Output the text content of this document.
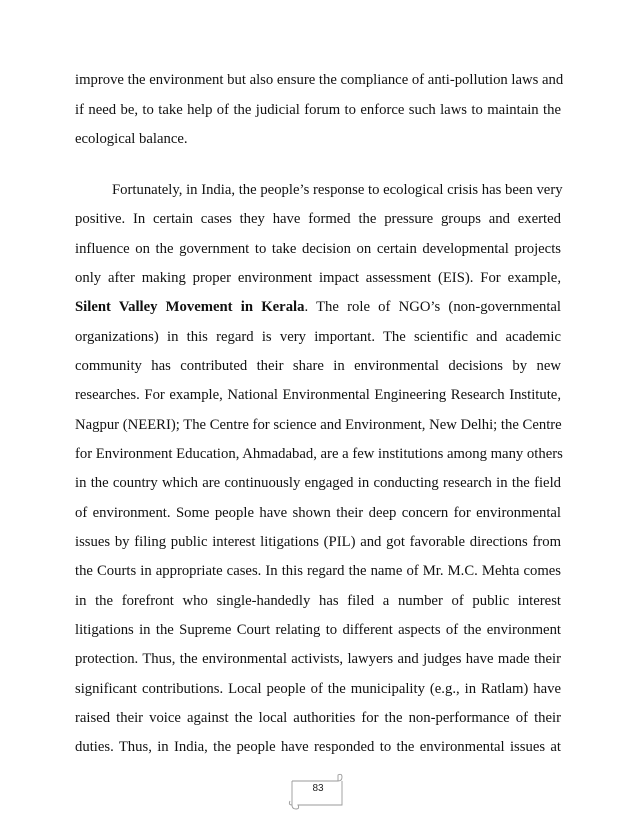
improve the environment but also ensure the compliance of anti-pollution laws and
if need be, to take help of the judicial forum to enforce such laws to maintain the
ecological balance.
Fortunately, in India, the people’s response to ecological crisis has been very
positive. In certain cases they have formed the pressure groups and exerted
influence on the government to take decision on certain developmental projects
only after making proper environment impact assessment (EIS). For example,
Silent Valley Movement in Kerala. The role of NGO’s (non-governmental
organizations) in this regard is very important. The scientific and academic
community has contributed their share in environmental decisions by new
researches. For example, National Environmental Engineering Research Institute,
Nagpur (NEERI); The Centre for science and Environment, New Delhi; the Centre
for Environment Education, Ahmadabad, are a few institutions among many others
in the country which are continuously engaged in conducting research in the field
of environment. Some people have shown their deep concern for environmental
issues by filing public interest litigations (PIL) and got favorable directions from
the Courts in appropriate cases. In this regard the name of Mr. M.C. Mehta comes
in the forefront who single-handedly has filed a number of public interest
litigations in the Supreme Court relating to different aspects of the environment
protection. Thus, the environmental activists, lawyers and judges have made their
significant contributions. Local people of the municipality (e.g., in Ratlam) have
raised their voice against the local authorities for the non-performance of their
duties. Thus, in India, the people have responded to the environmental issues at
83
